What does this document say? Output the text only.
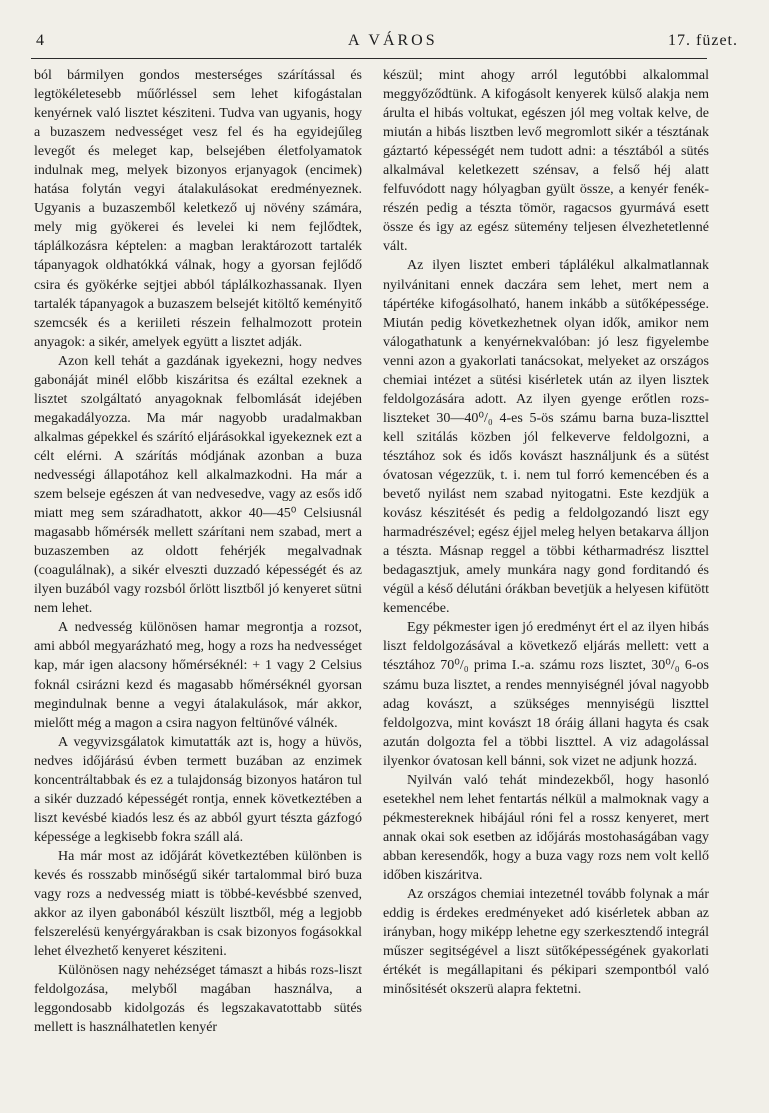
4	A VÁROS	17. füzet.

ból bármilyen gondos mesterséges szárítással és legtökéletesebb műőrléssel sem lehet kifogástalan kenyérnek való lisztet késziteni. Tudva van ugyanis, hogy a buzaszem nedvességet vesz fel és ha egyidejűleg levegőt és meleget kap, belsejében életfolyamatok indulnak meg, melyek bizonyos erjanyagok (encimek) hatása folytán vegyi átalakulásokat eredményeznek. Ugyanis a buzaszemből keletkező uj növény számára, mely mig gyökerei és levelei ki nem fejlődtek, táplálkozásra képtelen: a magban leraktározott tartalék tápanyagok oldhatókká válnak, hogy a gyorsan fejlődő csira és gyökérke sejtjei abból táplálkozhassanak. Ilyen tartalék tápanyagok a buzaszem belsejét kitöltő keményitő szemcsék és a keriileti részein felhalmozott protein anyagok: a sikér, amelyek együtt a lisztet adják.

Azon kell tehát a gazdának igyekezni, hogy nedves gabonáját minél előbb kiszáritsa és ezáltal ezeknek a lisztet szolgáltató anyagoknak felbomlását idejében megakadályozza. Ma már nagyobb uradalmakban alkalmas gépekkel és szárító eljárásokkal igyekeznek ezt a célt elérni. A szárítás módjának azonban a buza nedvességi állapotához kell alkalmazkodni. Ha már a szem belseje egészen át van nedvesedve, vagy az esős idő miatt meg sem száradhatott, akkor 40—45⁰ Celsiusnál magasabb hőmérsék mellett szárítani nem szabad, mert a buzaszemben az oldott fehérjék megalvadnak (coagulálnak), a sikér elveszti duzzadó képességét és az ilyen buzából vagy rozsból őrlött lisztből jó kenyeret sütni nem lehet.

A nedvesség különösen hamar megrontja a rozsot, ami abból megyarázható meg, hogy a rozs ha nedvességet kap, már igen alacsony hőmérséknél: + 1 vagy 2 Celsius foknál csirázni kezd és magasabb hőmérséknél gyorsan megindulnak benne a vegyi átalakulások, már akkor, mielőtt még a magon a csira nagyon feltünővé válnék.

A vegyvizsgálatok kimutatták azt is, hogy a hüvös, nedves időjárású évben termett buzában az enzimek koncentráltabbak és ez a tulajdonság bizonyos határon tul a sikér duzzadó képességét rontja, ennek következtében a liszt kevésbé kiadós lesz és az abból gyurt tészta gázfogó képessége a legkisebb fokra száll alá.

Ha már most az időjárát következtében különben is kevés és rosszabb minőségű sikér tartalommal biró buza vagy rozs a nedvesség miatt is többé-kevésbbé szenved, akkor az ilyen gabonából készült lisztből, még a legjobb felszerelésü kenyérgyárakban is csak bizonyos fogásokkal lehet élvezhető kenyeret késziteni.

Különösen nagy nehézséget támaszt a hibás rozs-liszt feldolgozása, melyből magában használva, a leggondosabb kidolgozás és legszakavatottabb sütés mellett is használhatetlen kenyér

készül; mint ahogy arról legutóbbi alkalommal meggyőződtünk. A kifogásolt kenyerek külső alakja nem árulta el hibás voltukat, egészen jól meg voltak kelve, de miután a hibás lisztben levő megromlott sikér a tésztának gáztartó képességét nem tudott adni: a tésztából a sütés alkalmával keletkezett szénsav, a felső héj alatt felfuvódott nagy hólyagban gyült össze, a kenyér fenék-részén pedig a tészta tömör, ragacsos gyurmává esett össze és igy az egész sütemény teljesen élvezhetetlenné vált.

Az ilyen lisztet emberi táplálékul alkalmatlannak nyilvánitani ennek daczára sem lehet, mert nem a tápértéke kifogásolható, hanem inkább a sütőképessége. Miután pedig következhetnek olyan idők, amikor nem válogathatunk a kenyérnekvalóban: jó lesz figyelembe venni azon a gyakorlati tanácsokat, melyeket az országos chemiai intézet a sütési kisérletek után az ilyen lisztek feldolgozására adott. Az ilyen gyenge erőtlen rozs-liszteket 30—40⁰/₀ 4-es 5-ös számu barna buza-liszttel kell szitálás közben jól felkeverve feldolgozni, a tésztához sok és idős kovászt használjunk és a sütést óvatosan végezzük, t. i. nem tul forró kemencében és a bevető nyilást nem szabad nyitogatni. Este kezdjük a kovász készitését és pedig a feldolgozandó liszt egy harmadrészével; egész éjjel meleg helyen betakarva álljon a tészta. Másnap reggel a többi kétharmadrész liszttel bedagasztjuk, amely munkára nagy gond forditandó és végül a késő délutáni órákban bevetjük a helyesen kifütött kemencébe.

Egy pékmester igen jó eredményt ért el az ilyen hibás liszt feldolgozásával a következő eljárás mellett: vett a tésztához 70⁰/₀ prima I.-a. számu rozs lisztet, 30⁰/₀ 6-os számu buza lisztet, a rendes mennyiségnél jóval nagyobb adag kovászt, a szükséges mennyiségü liszttel feldolgozva, mint kovászt 18 óráig állani hagyta és csak azután dolgozta fel a többi liszttel. A viz adagolással ilyenkor óvatosan kell bánni, sok vizet ne adjunk hozzá.

Nyilván való tehát mindezekből, hogy hasonló esetekhel nem lehet fentartás nélkül a malmoknak vagy a pékmestereknek hibájául róni fel a rossz kenyeret, mert annak okai sok esetben az időjárás mostohaságában vagy abban keresendők, hogy a buza vagy rozs nem volt kellő időben kiszáritva.

Az országos chemiai intezetnél tovább folynak a már eddig is érdekes eredményeket adó kisérletek abban az irányban, hogy miképp lehetne egy szerkesztendő integrál műszer segitségével a liszt sütőképességének gyakorlati értékét is megállapitani és pékipari szempontból való minősitését okszerü alapra fektetni.
